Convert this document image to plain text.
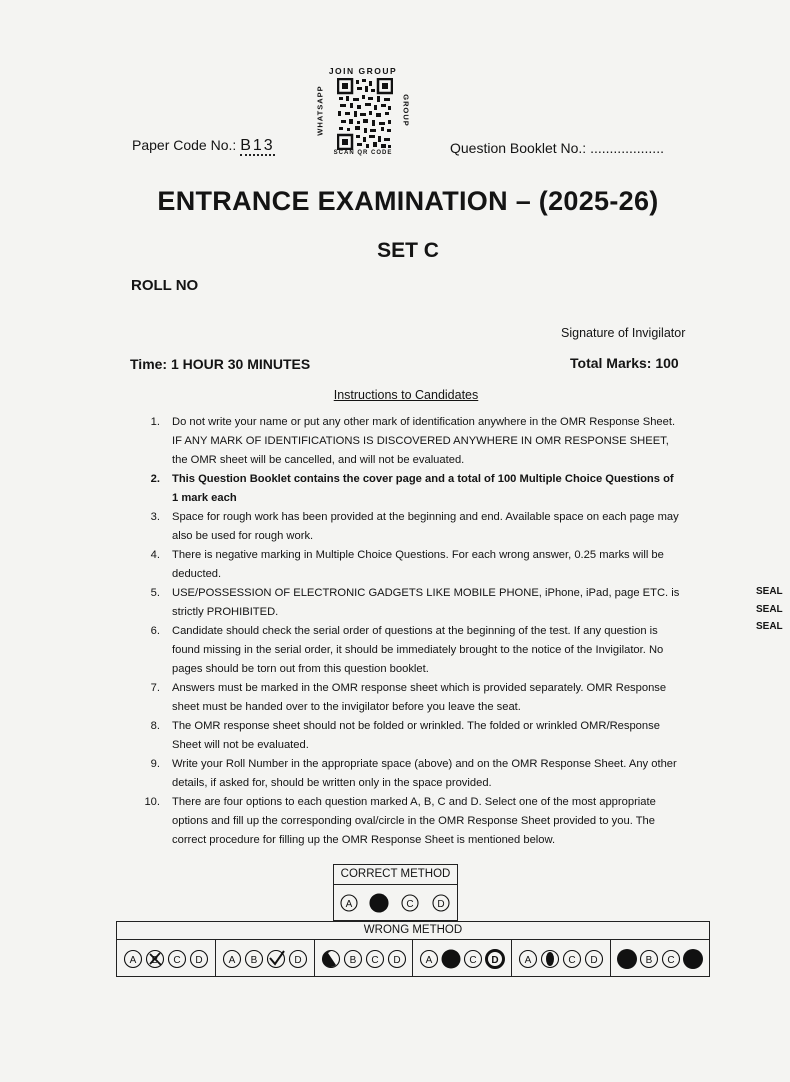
JOIN GROUP
WHATSAPP	GROUP
SCAN QR CODE
Paper Code No.: B13	Question Booklet No.: ...................
ENTRANCE EXAMINATION – (2025-26)
SET C
ROLL NO
Signature of Invigilator
Time: 1 HOUR 30 MINUTES	Total Marks: 100
Instructions to Candidates
1. Do not write your name or put any other mark of identification anywhere in the OMR Response Sheet. IF ANY MARK OF IDENTIFICATIONS IS DISCOVERED ANYWHERE IN OMR RESPONSE SHEET, the OMR sheet will be cancelled, and will not be evaluated.
2. This Question Booklet contains the cover page and a total of 100 Multiple Choice Questions of 1 mark each
3. Space for rough work has been provided at the beginning and end. Available space on each page may also be used for rough work.
4. There is negative marking in Multiple Choice Questions. For each wrong answer, 0.25 marks will be deducted.
5. USE/POSSESSION OF ELECTRONIC GADGETS LIKE MOBILE PHONE, iPhone, iPad, page ETC. is strictly PROHIBITED.
6. Candidate should check the serial order of questions at the beginning of the test. If any question is found missing in the serial order, it should be immediately brought to the notice of the Invigilator. No pages should be torn out from this question booklet.
7. Answers must be marked in the OMR response sheet which is provided separately. OMR Response sheet must be handed over to the invigilator before you leave the seat.
8. The OMR response sheet should not be folded or wrinkled. The folded or wrinkled OMR/Response Sheet will not be evaluated.
9. Write your Roll Number in the appropriate space (above) and on the OMR Response Sheet. Any other details, if asked for, should be written only in the space provided.
10. There are four options to each question marked A, B, C and D. Select one of the most appropriate options and fill up the corresponding oval/circle in the OMR Response Sheet provided to you. The correct procedure for filling up the OMR Response Sheet is mentioned below.
SEAL
SEAL
SEAL
CORRECT METHOD
A	C D
WRONG METHOD
A B C D	A B	D	B C D	A	C D	A	C D	B C
